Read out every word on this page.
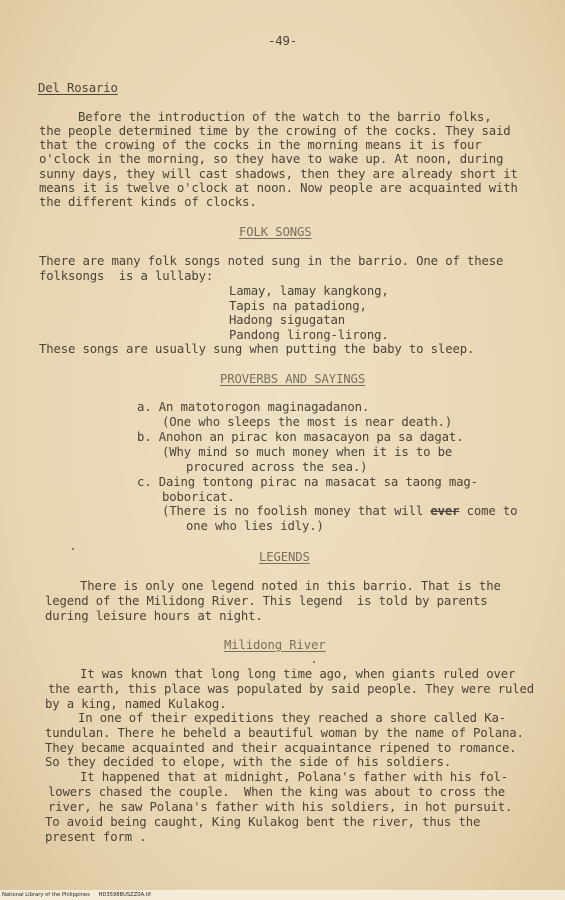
-49-
Del Rosario
Before the introduction of the watch to the barrio folks,
the people determined time by the crowing of the cocks. They said
that the crowing of the cocks in the morning means it is four
o'clock in the morning, so they have to wake up. At noon, during
sunny days, they will cast shadows, then they are already short it
means it is twelve o'clock at noon. Now people are acquainted with
the different kinds of clocks.
FOLK SONGS
There are many folk songs noted sung in the barrio. One of these
folksongs  is a lullaby:
Lamay, lamay kangkong,
Tapis na patadiong,
Hadong sigugatan
Pandong lirong-lirong.
These songs are usually sung when putting the baby to sleep.
PROVERBS AND SAYINGS
a. An matotorogon maginagadanon.
(One who sleeps the most is near death.)
b. Anohon an pirac kon masacayon pa sa dagat.
(Why mind so much money when it is to be
procured across the sea.)
c. Daing tontong pirac na masacat sa taong mag-
boboricat.
(There is no foolish money that will ever come to
one who lies idly.)
LEGENDS
There is only one legend noted in this barrio. That is the
legend of the Milidong River. This legend  is told by parents
during leisure hours at night.
Milidong River
It was known that long long time ago, when giants ruled over
the earth, this place was populated by said people. They were ruled
by a king, named Kulakog.
In one of their expeditions they reached a shore called Ka-
tundulan. There he beheld a beautiful woman by the name of Polana.
They became acquainted and their acquaintance ripened to romance.
So they decided to elope, with the side of his soldiers.
It happened that at midnight, Polana's father with his fol-
lowers chased the couple.  When the king was about to cross the
river, he saw Polana's father with his soldiers, in hot pursuit.
To avoid being caught, King Kulakog bent the river, thus the
present form .
National Library of the Philippines HD3598BUSZZ0A.tif
